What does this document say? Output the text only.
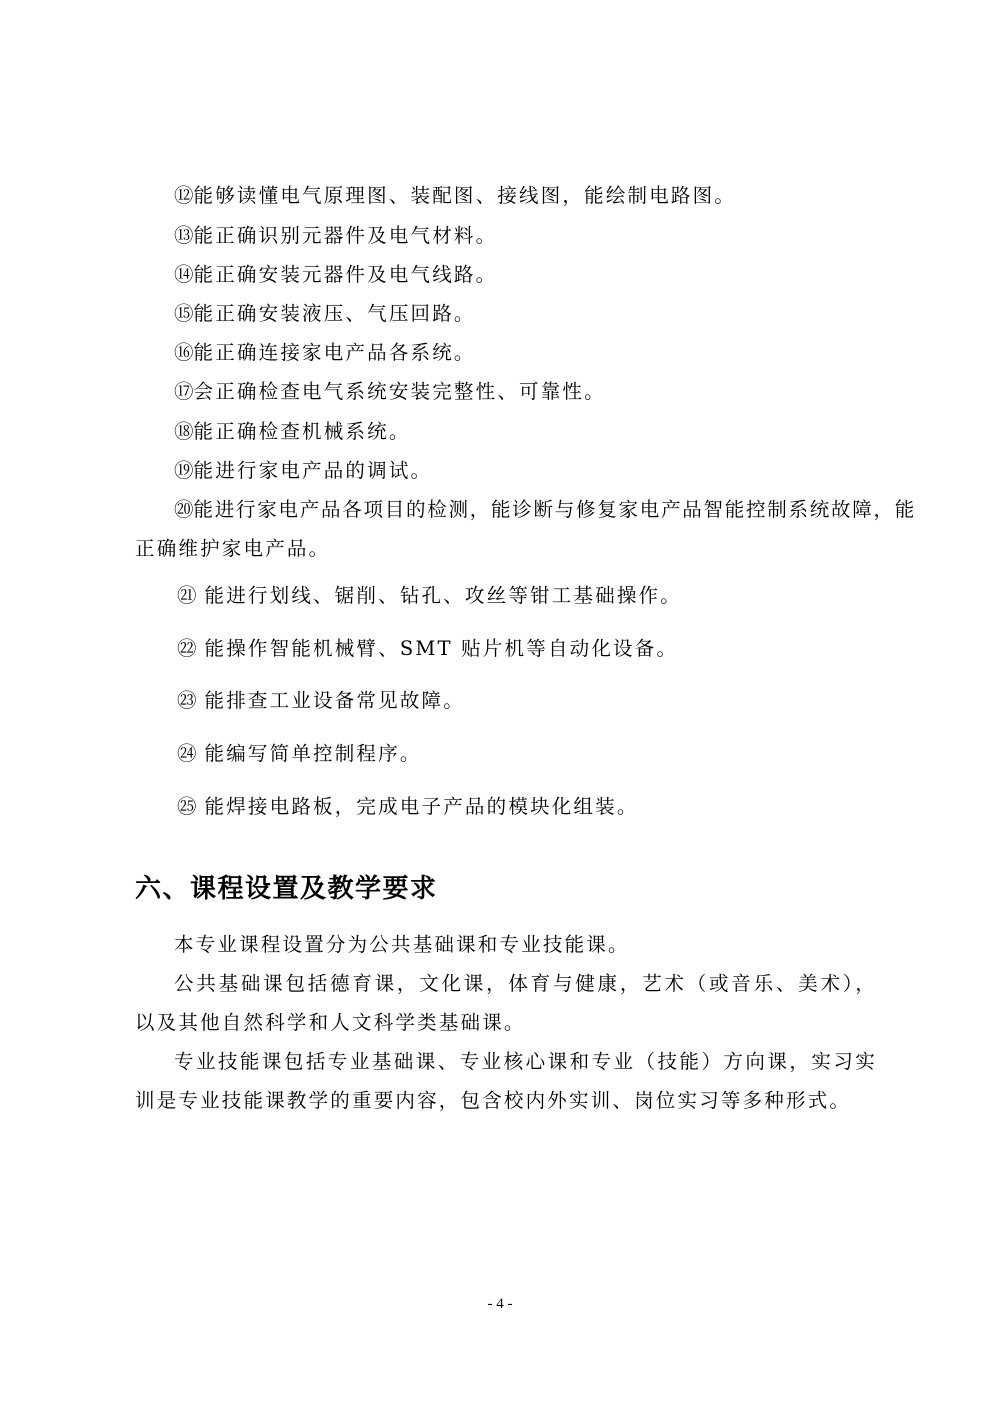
⑫能够读懂电气原理图、装配图、接线图，能绘制电路图。
⑬能正确识别元器件及电气材料。
⑭能正确安装元器件及电气线路。
⑮能正确安装液压、气压回路。
⑯能正确连接家电产品各系统。
⑰会正确检查电气系统安装完整性、可靠性。
⑱能正确检查机械系统。
⑲能进行家电产品的调试。
⑳能进行家电产品各项目的检测，能诊断与修复家电产品智能控制系统故障，能
正确维护家电产品。
㉑ 能进行划线、锯削、钻孔、攻丝等钳工基础操作。
㉒ 能操作智能机械臂、SMT 贴片机等自动化设备。
㉓ 能排查工业设备常见故障。
㉔ 能编写简单控制程序。
㉕ 能焊接电路板，完成电子产品的模块化组装。
六、课程设置及教学要求
本专业课程设置分为公共基础课和专业技能课。
公共基础课包括德育课，文化课，体育与健康，艺术（或音乐、美术），以及其他自然科学和人文科学类基础课。
专业技能课包括专业基础课、专业核心课和专业（技能）方向课，实习实训是专业技能课教学的重要内容，包含校内外实训、岗位实习等多种形式。
- 4 -
